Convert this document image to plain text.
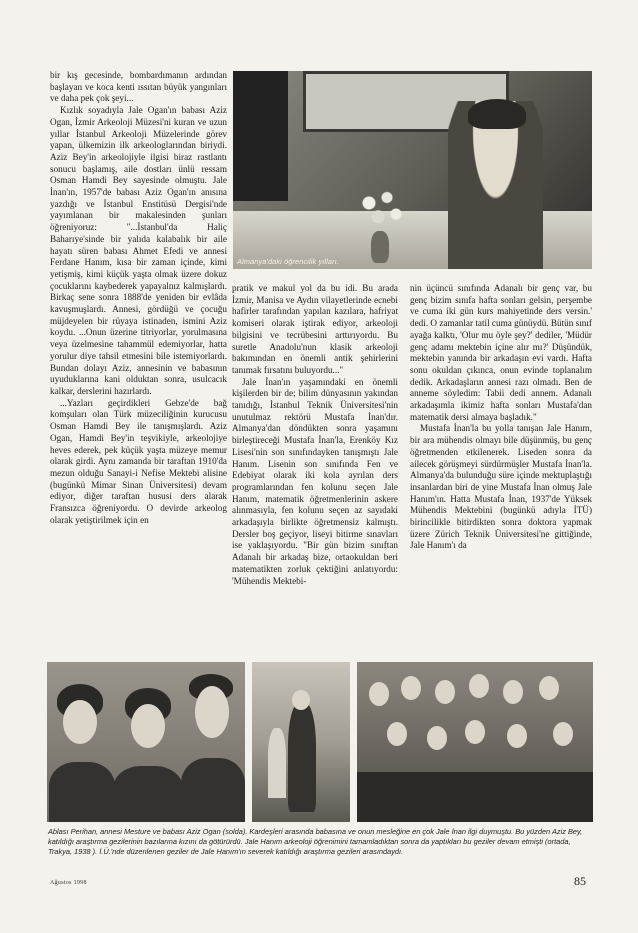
bir kış gecesinde, bombardımanın ardından başlayan ve koca kenti ıssıtan büyük yangınları ve daha pek çok şeyi...

Kızlık soyadıyla Jale Ogan'ın babası Aziz Ogan, İzmir Arkeoloji Müzesi'ni kuran ve uzun yıllar İstanbul Arkeoloji Müzelerinde görev yapan, ülkemizin ilk arkeologlarından biriydi. Aziz Bey'in arkeolojiyle ilgisi biraz rastlantı sonucu başlamış, aile dostları ünlü ressam Osman Hamdi Bey sayesinde olmuştu. Jale İnan'ın, 1957'de babası Aziz Ogan'ın anısına yazdığı ve İstanbul Enstitüsü Dergisi'nde yayımlanan bir makalesinden şunları öğreniyoruz: "...İstanbul'da Haliç Baharıye'sinde bir yalıda kalabalık bir aile hayatı süren babası Ahmet Efedi ve annesi Ferdane Hanım, kısa bir zaman içinde, kimi yetişmiş, kimi küçük yaşta olmak üzere dokuz çocuklarını kaybederek yapayalnız kalmışlardı. Birkaç sene sonra 1888'de yeniden bir evlâda kavuşmuşlardı. Annesi, gördüğü ve çocuğu müjdeyelen bir rüyaya istinaden, ismini Aziz koydu. ...Onun üzerine titriyorlar, yorulmasına veya üzelmesine tahammül edemiyorlar, hatta yorulur diye tahsil etmesini bile istemiyorlardı. Bundan dolayı Aziz, annesinin ve babasının uyuduklarına kani olduktan sonra, usulcacık kalkar, derslerini hazırlardı.

...Yazları geçirdikleri Gebze'de bağ komşuları olan Türk müzeciliğinin kurucusu Osman Hamdi Bey ile tanışmışlardı. Aziz Ogan, Hamdi Bey'in teşvikiyle, arkeolojiye heves ederek, pek küçük yaşta müzeye memur olarak girdi. Aynı zamanda bir taraftan 1910'da mezun olduğu Sanayi-i Nefise Mektebi alisine (bugünkü Mimar Sinan Üniversitesi) devam ediyor, diğer taraftan hususi ders alarak Fransızca öğreniyordu. O devirde arkeolog olarak yetiştirilmek için en

Almanya'daki öğrencilik yılları.

pratik ve makul yol da bu idi. Bu arada İzmir, Manisa ve Aydın vilayetlerinde ecnebi hafirler tarafından yapılan kazılara, hafriyat komiseri olarak iştirak ediyor, arkeoloji bilgisini ve tecrübesini arttırıyordu. Bu suretle Anadolu'nun klasik arkeoloji bakımından en önemli antik şehirlerini tanımak fırsatını buluyordu..."

Jale İnan'ın yaşamındaki en önemli kişilerden bir de; bilim dünyasının yakından tanıdığı, İstanbul Teknik Üniversitesi'nin unutulmaz rektörü Mustafa İnan'dır. Almanya'dan döndükten sonra yaşamını birleştireceği Mustafa İnan'la, Erenköy Kız Lisesi'nin son sınıfındayken tanışmıştı Jale Hanım. Lisenin son sınıfında Fen ve Edebiyat olarak iki kola ayrılan ders programlarından fen kolunu seçen Jale Hanım, matematik öğretmenlerinin askere alınmasıyla, fen kolunu seçen az sayıdaki arkadaşıyla birlikte öğretmensiz kalmıştı. Dersler boş geçiyor, liseyi bitirme sınavları ise yaklaşıyordu. "Bir gün bizim sınıftan Adanalı bir arkadaş bize, ortaokuldan beri matematikten zorluk çektiğini anlatıyordu: 'Mühendis Mektebi-

nin üçüncü sınıfında Adanalı bir genç var, bu genç bizim sınıfa hafta sonları gelsin, perşembe ve cuma iki gün kurs mahiyetinde ders versin.' dedi. O zamanlar tatil cuma günüydü. Bütün sınıf ayağa kalktı, 'Olur mu öyle şey?' dediler, 'Müdür genç adamı mektebin içine alır mı?' Düşündük, mektebin yanında bir arkadaşın evi vardı. Hafta sonu okuldan çıkınca, onun evinde toplanalım dedik. Arkadaşların annesi razı olmadı. Ben de anneme söyledim: Tabii dedi annem. Adanalı arkadaşımla ikimiz hafta sonları Mustafa'dan matematik dersi almaya başladık."

Mustafa İnan'la bu yolla tanışan Jale Hanım, bir ara mühendis olmayı bile düşünmüş, bu genç öğretmenden etkilenerek. Liseden sonra da ailecek görüşmeyi sürdürmüşler Mustafa İnan'la. Almanya'da bulunduğu süre içinde mektuplaştığı insanlardan biri de yine Mustafa İnan olmuş Jale Hanım'ın. Hatta Mustafa İnan, 1937'de Yüksek Mühendis Mektebini (bugünkü adıyla İTÜ) birincilikle bitirdikten sonra doktora yapmak üzere Zürich Teknik Üniversitesi'ne gittiğinde, Jale Hanım'ı da

Ablası Perihan, annesi Mesture ve babası Aziz Ogan (solda). Kardeşleri arasında babasına ve onun mesleğine en çok Jale İnan ilgi duymuştu. Bu yüzden Aziz Bey, katıldığı araştırma gezilerinin bazılarına kızını da götürürdü. Jale Hanım arkeoloji öğrenimini tamamladıktan sonra da yaptıkları bu geziler devam etmişti (ortada, Trakya, 1938 ). İ.Ü.'nde düzenlenen geziler de Jale Hanım'ın severek katıldığı araştırma gezileri arasındaydı.
Ağustos 1998	85
